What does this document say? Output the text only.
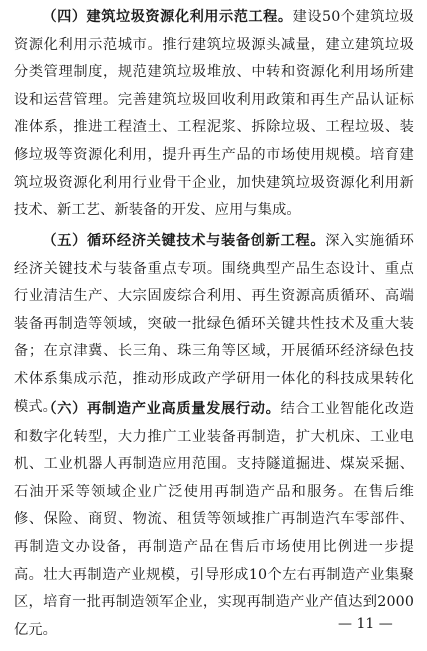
（四）建筑垃圾资源化利用示范工程。建设50个建筑垃圾资源化利用示范城市。推行建筑垃圾源头减量，建立建筑垃圾分类管理制度，规范建筑垃圾堆放、中转和资源化利用场所建设和运营管理。完善建筑垃圾回收利用政策和再生产品认证标准体系，推进工程渣土、工程泥浆、拆除垃圾、工程垃圾、装修垃圾等资源化利用，提升再生产品的市场使用规模。培育建筑垃圾资源化利用行业骨干企业，加快建筑垃圾资源化利用新技术、新工艺、新装备的开发、应用与集成。

（五）循环经济关键技术与装备创新工程。深入实施循环经济关键技术与装备重点专项。围绕典型产品生态设计、重点行业清洁生产、大宗固废综合利用、再生资源高质循环、高端装备再制造等领域，突破一批绿色循环关键共性技术及重大装备；在京津冀、长三角、珠三角等区域，开展循环经济绿色技术体系集成示范，推动形成政产学研用一体化的科技成果转化模式。

（六）再制造产业高质量发展行动。结合工业智能化改造和数字化转型，大力推广工业装备再制造，扩大机床、工业电机、工业机器人再制造应用范围。支持隧道掘进、煤炭采掘、石油开采等领域企业广泛使用再制造产品和服务。在售后维修、保险、商贸、物流、租赁等领域推广再制造汽车零部件、再制造文办设备，再制造产品在售后市场使用比例进一步提高。壮大再制造产业规模，引导形成10个左右再制造产业集聚区，培育一批再制造领军企业，实现再制造产业产值达到2000亿元。	— 11 —
